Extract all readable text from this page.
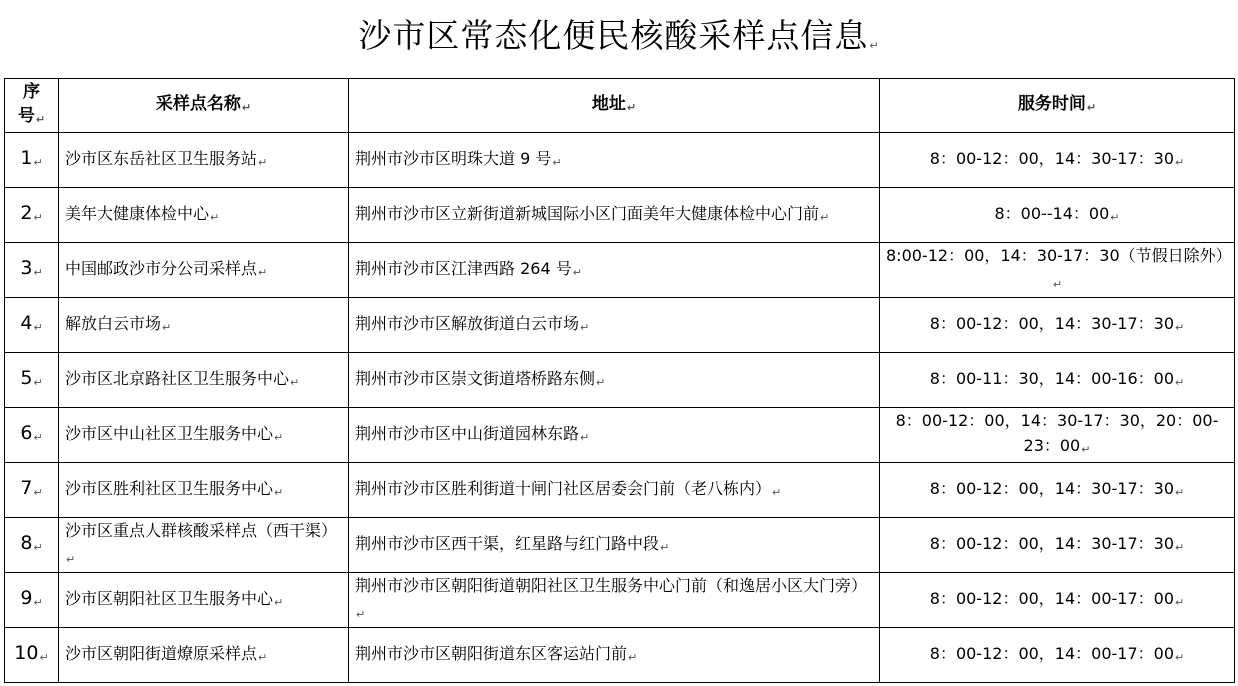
沙市区常态化便民核酸采样点信息↵
序
号↵	采样点名称↵	地址↵	服务时间↵
1↵	沙市区东岳社区卫生服务站↵	荆州市沙市区明珠大道 9 号↵	8：00-12：00，14：30-17：30↵
2↵	美年大健康体检中心↵	荆州市沙市区立新街道新城国际小区门面美年大健康体检中心门前↵	8：00--14：00↵
3↵	中国邮政沙市分公司采样点↵	荆州市沙市区江津西路 264 号↵	8:00-12：00，14：30-17：30（节假日除外）↵
4↵	解放白云市场↵	荆州市沙市区解放街道白云市场↵	8：00-12：00，14：30-17：30↵
5↵	沙市区北京路社区卫生服务中心↵	荆州市沙市区崇文街道塔桥路东侧↵	8：00-11：30，14：00-16：00↵
6↵	沙市区中山社区卫生服务中心↵	荆州市沙市区中山街道园林东路↵	8：00-12：00，14：30-17：30，20：00-23：00↵
7↵	沙市区胜利社区卫生服务中心↵	荆州市沙市区胜利街道十闸门社区居委会门前（老八栋内）↵	8：00-12：00，14：30-17：30↵
8↵	沙市区重点人群核酸采样点（西干渠）↵	荆州市沙市区西干渠，红星路与红门路中段↵	8：00-12：00，14：30-17：30↵
9↵	沙市区朝阳社区卫生服务中心↵	荆州市沙市区朝阳街道朝阳社区卫生服务中心门前（和逸居小区大门旁）↵	8：00-12：00，14：00-17：00↵
10↵	沙市区朝阳街道燎原采样点↵	荆州市沙市区朝阳街道东区客运站门前↵	8：00-12：00，14：00-17：00↵
